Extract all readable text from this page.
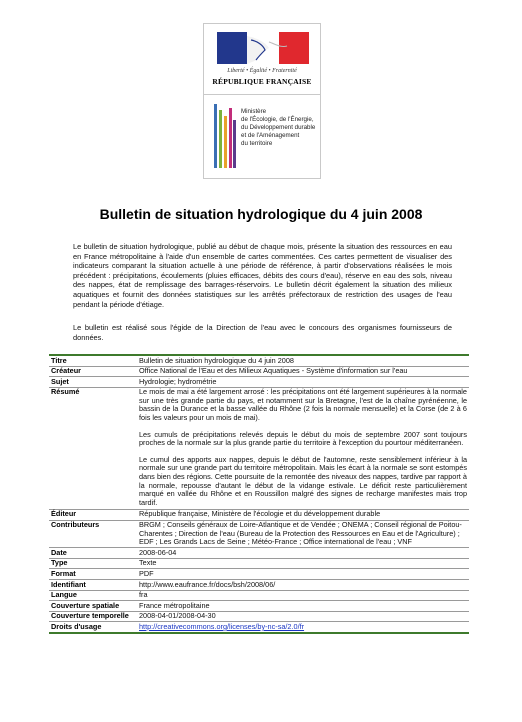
Liberté • Égalité • Fraternité
RÉPUBLIQUE FRANÇAISE
Ministère
de l'Écologie, de l'Énergie,
du Développement durable
et de l'Aménagement
du territoire
Bulletin de situation hydrologique du 4 juin 2008

Le bulletin de situation hydrologique, publié au début de chaque mois, présente la situation des ressources en eau en France métropolitaine à l'aide d'un ensemble de cartes commentées. Ces cartes permettent de visualiser des indicateurs comparant la situation actuelle à une période de référence, à partir d'observations réalisées le mois précédent : précipitations, écoulements (pluies efficaces, débits des cours d'eau), réserve en eau des sols, niveau des nappes, état de remplissage des barrages-réservoirs. Le bulletin décrit également la situation des milieux aquatiques et fournit des données statistiques sur les arrêtés préfectoraux de restriction des usages de l'eau pendant la période d'étiage.

Le bulletin est réalisé sous l'égide de la Direction de l'eau avec le concours des organismes fournisseurs de données.

Titre	Bulletin de situation hydrologique du 4 juin 2008
Créateur	Office National de l'Eau et des Milieux Aquatiques - Système d'information sur l'eau
Sujet	Hydrologie; hydrométrie
Résumé	Le mois de mai a été largement arrosé : les précipitations ont été largement supérieures à la normale sur une très grande partie du pays, et notamment sur la Bretagne, l'est de la chaîne pyrénéenne, le bassin de la Durance et la basse vallée du Rhône (2 fois la normale mensuelle) et la Corse (de 2 à 6 fois les valeurs pour un mois de mai).

Les cumuls de précipitations relevés depuis le début du mois de septembre 2007 sont toujours proches de la normale sur la plus grande partie du territoire à l'exception du pourtour méditerranéen.

Le cumul des apports aux nappes, depuis le début de l'automne, reste sensiblement inférieur à la normale sur une grande part du territoire métropolitain. Mais les écart à la normale se sont estompés dans bien des régions. Cette poursuite de la remontée des niveaux des nappes, tardive par rapport à la normale, repousse d'autant le début de la vidange estivale. Le déficit reste particulièrement marqué en vallée du Rhône et en Roussillon malgré des signes de recharge manifestes mais trop tardif.

Éditeur	République française, Ministère de l'écologie et du développement durable
Contributeurs	BRGM ; Conseils généraux de Loire-Atlantique et de Vendée ; ONEMA ; Conseil régional de Poitou-Charentes ; Direction de l'eau (Bureau de la Protection des Ressources en Eau et de l'Agriculture) ; EDF ; Les Grands Lacs de Seine ; Météo-France ; Office international de l'eau ; VNF
Date	2008-06-04
Type	Texte
Format	PDF
Identifiant	http://www.eaufrance.fr/docs/bsh/2008/06/
Langue	fra
Couverture spatiale	France métropolitaine
Couverture temporelle	2008-04-01/2008-04-30
Droits d'usage	http://creativecommons.org/licenses/by-nc-sa/2.0/fr
